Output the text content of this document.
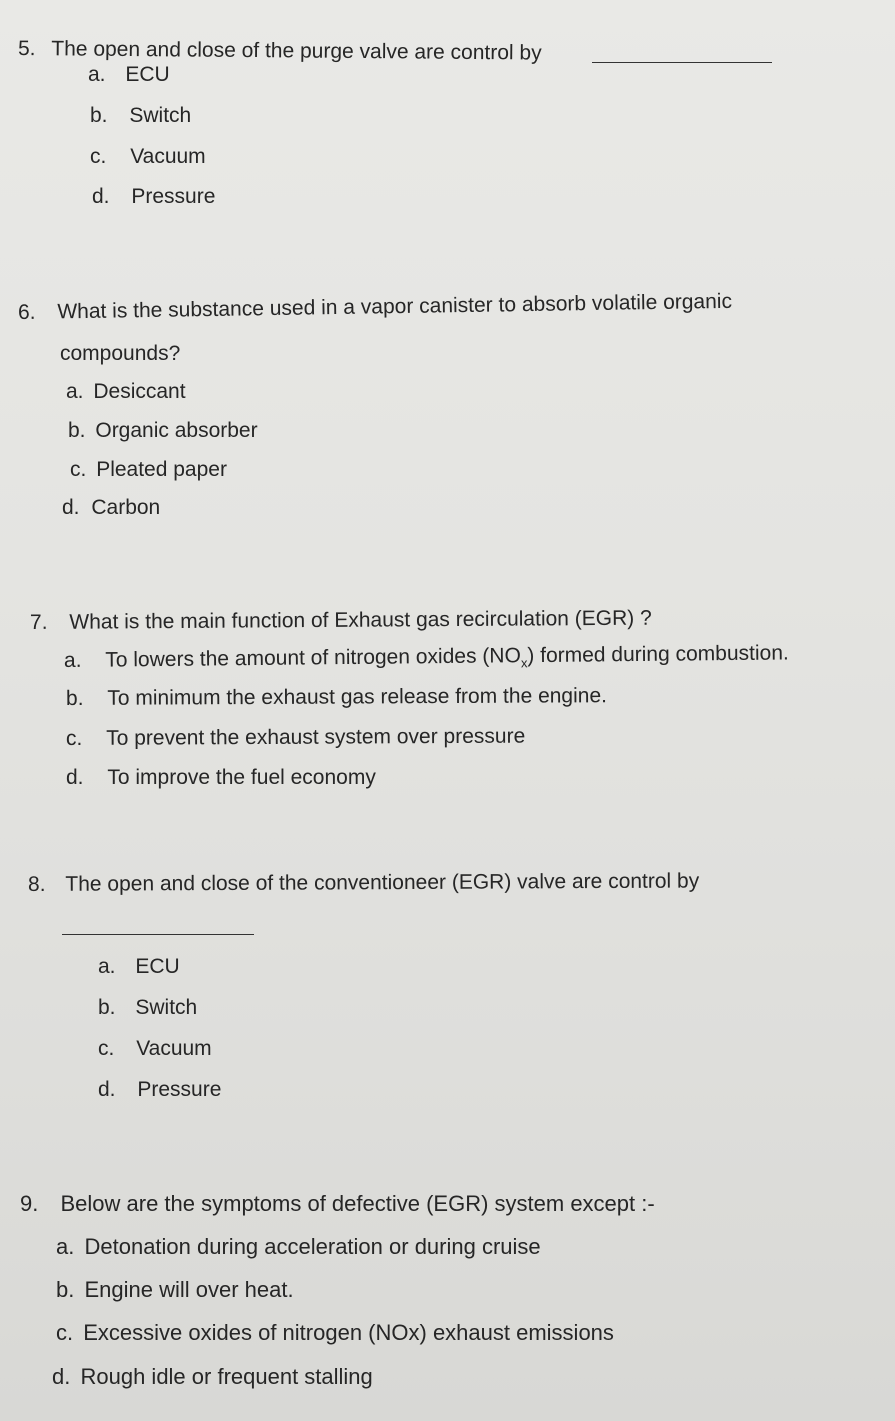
5. The open and close of the purge valve are control by
a. ECU
b. Switch
c. Vacuum
d. Pressure
6. What is the substance used in a vapor canister to absorb volatile organic
compounds?
a. Desiccant
b. Organic absorber
c. Pleated paper
d. Carbon
7. What is the main function of Exhaust gas recirculation (EGR) ?
a. To lowers the amount of nitrogen oxides $(NO_x)$ formed during combustion.
b. To minimum the exhaust gas release from the engine.
c. To prevent the exhaust system over pressure
d. To improve the fuel economy
8. The open and close of the conventioneer (EGR) valve are control by
a. ECU
b. Switch
c. Vacuum
d. Pressure
9. Below are the symptoms of defective (EGR) system except :-
a. Detonation during acceleration or during cruise
b. Engine will over heat.
c. Excessive oxides of nitrogen (NOx) exhaust emissions
d. Rough idle or frequent stalling
